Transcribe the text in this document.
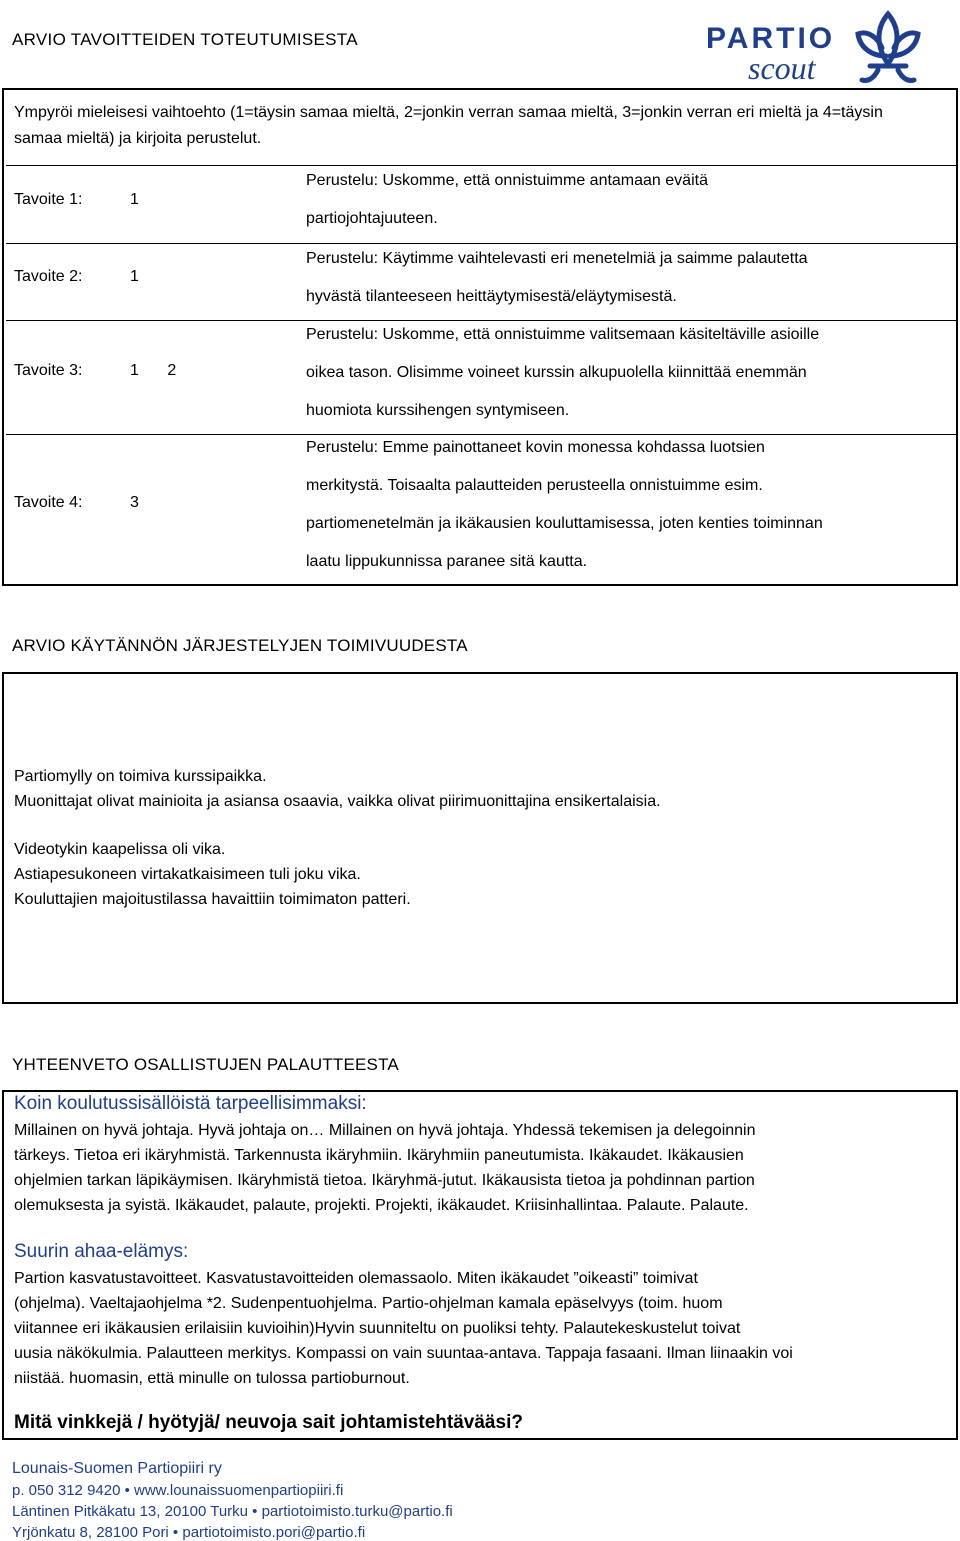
ARVIO TAVOITTEIDEN TOTEUTUMISESTA	PARTIO
scout
Ympyröi mieleisesi vaihtoehto (1=täysin samaa mieltä, 2=jonkin verran samaa mieltä, 3=jonkin verran eri mieltä ja 4=täysin samaa mieltä) ja kirjoita perustelut.
Tavoite 1:	1
Perustelu: Uskomme, että onnistuimme antamaan eväitä
partiojohtajuuteen.
Tavoite 2:	1
Perustelu: Käytimme vaihtelevasti eri menetelmiä ja saimme palautetta
hyvästä tilanteeseen heittäytymisestä/eläytymisestä.
Tavoite 3:	1 2
Perustelu: Uskomme, että onnistuimme valitsemaan käsiteltäville asioille
oikea tason. Olisimme voineet kurssin alkupuolella kiinnittää enemmän
huomiota kurssihengen syntymiseen.
Tavoite 4:	3
Perustelu: Emme painottaneet kovin monessa kohdassa luotsien
merkitystä. Toisaalta palautteiden perusteella onnistuimme esim.
partiomenetelmän ja ikäkausien kouluttamisessa, joten kenties toiminnan
laatu lippukunnissa paranee sitä kautta.
ARVIO KÄYTÄNNÖN JÄRJESTELYJEN TOIMIVUUDESTA
Partiomylly on toimiva kurssipaikka.
Muonittajat olivat mainioita ja asiansa osaavia, vaikka olivat piirimuonittajina ensikertalaisia.
Videotykin kaapelissa oli vika.
Astiapesukoneen virtakatkaisimeen tuli joku vika.
Kouluttajien majoitustilassa havaittiin toimimaton patteri.
YHTEENVETO OSALLISTUJEN PALAUTTEESTA
Koin koulutussisällöistä tarpeellisimmaksi:
Millainen on hyvä johtaja. Hyvä johtaja on… Millainen on hyvä johtaja. Yhdessä tekemisen ja delegoinnin
tärkeys. Tietoa eri ikäryhmistä. Tarkennusta ikäryhmiin. Ikäryhmiin paneutumista. Ikäkaudet. Ikäkausien
ohjelmien tarkan läpikäymisen. Ikäryhmistä tietoa. Ikäryhmä-jutut. Ikäkausista tietoa ja pohdinnan partion
olemuksesta ja syistä. Ikäkaudet, palaute, projekti. Projekti, ikäkaudet. Kriisinhallintaa. Palaute. Palaute.
Suurin ahaa-elämys:
Partion kasvatustavoitteet. Kasvatustavoitteiden olemassaolo. Miten ikäkaudet ”oikeasti” toimivat
(ohjelma). Vaeltajaohjelma *2. Sudenpentuohjelma. Partio-ohjelman kamala epäselvyys (toim. huom
viitannee eri ikäkausien erilaisiin kuvioihin)Hyvin suunniteltu on puoliksi tehty. Palautekeskustelut toivat
uusia näkökulmia. Palautteen merkitys. Kompassi on vain suuntaa-antava. Tappaja fasaani. Ilman liinaakin voi
niistää. huomasin, että minulle on tulossa partioburnout.
Mitä vinkkejä / hyötyjä/ neuvoja sait johtamistehtävääsi?
Lounais-Suomen Partiopiiri ry
p. 050 312 9420 • www.lounaissuomenpartiopiiri.fi
Läntinen Pitkäkatu 13, 20100 Turku • partiotoimisto.turku@partio.fi
Yrjönkatu 8, 28100 Pori • partiotoimisto.pori@partio.fi
